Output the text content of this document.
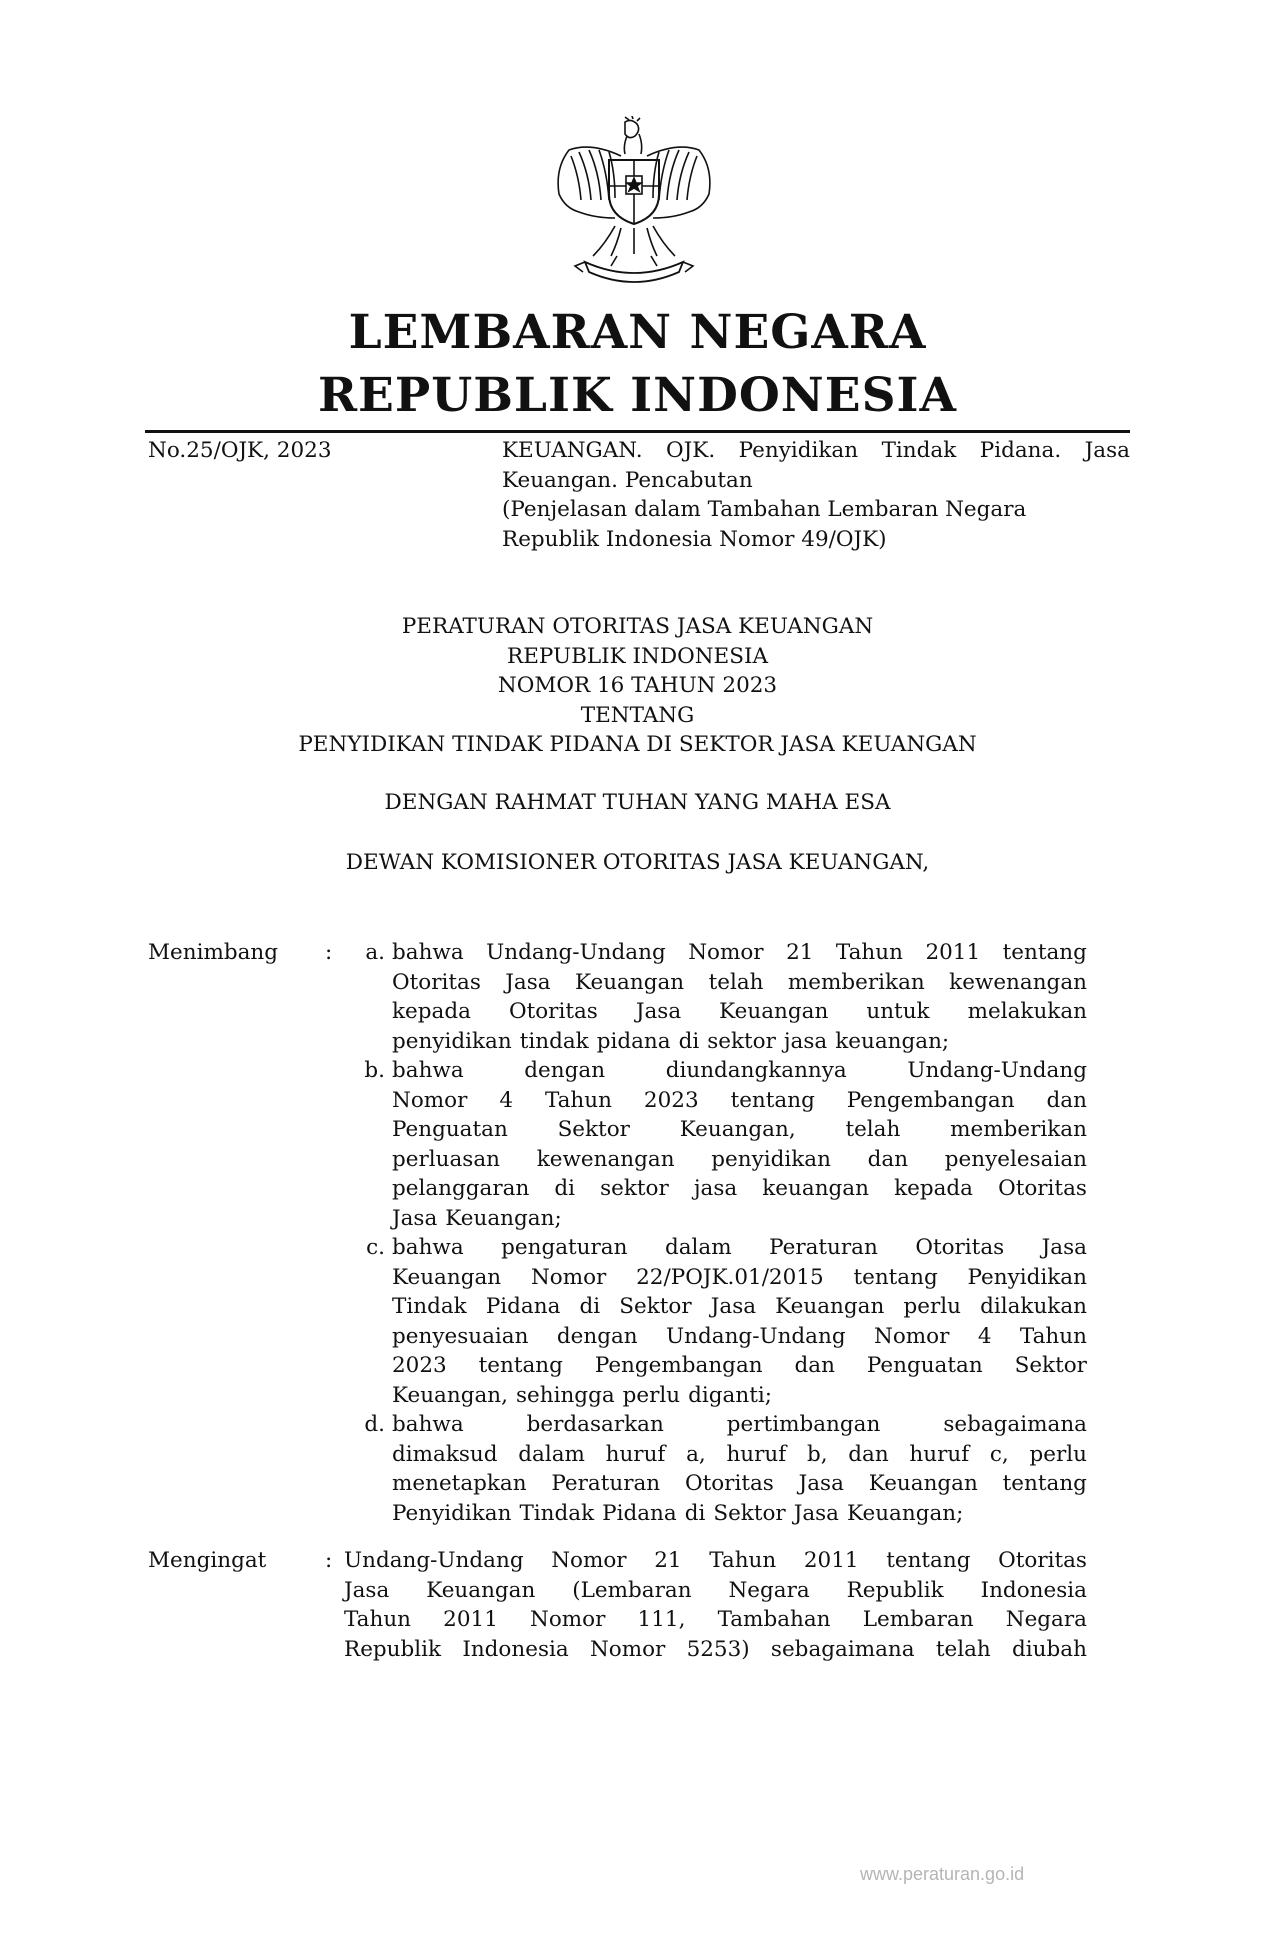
LEMBARAN NEGARA
REPUBLIK INDONESIA
No.25/OJK, 2023	KEUANGAN. OJK. Penyidikan Tindak Pidana. Jasa
Keuangan. Pencabutan
(Penjelasan dalam Tambahan Lembaran Negara
Republik Indonesia Nomor 49/OJK)
PERATURAN OTORITAS JASA KEUANGAN
REPUBLIK INDONESIA
NOMOR 16 TAHUN 2023
TENTANG
PENYIDIKAN TINDAK PIDANA DI SEKTOR JASA KEUANGAN
DENGAN RAHMAT TUHAN YANG MAHA ESA
DEWAN KOMISIONER OTORITAS JASA KEUANGAN,
Menimbang :	a. bahwa Undang-Undang Nomor 21 Tahun 2011 tentang
Otoritas Jasa Keuangan telah memberikan kewenangan
kepada Otoritas Jasa Keuangan untuk melakukan
penyidikan tindak pidana di sektor jasa keuangan;
b. bahwa	dengan	diundangkannya	Undang-Undang
Nomor 4 Tahun 2023 tentang Pengembangan dan
Penguatan Sektor Keuangan, telah memberikan
perluasan kewenangan penyidikan dan penyelesaian
pelanggaran di sektor jasa keuangan kepada Otoritas
Jasa Keuangan;
c. bahwa pengaturan dalam Peraturan Otoritas Jasa
Keuangan Nomor 22/POJK.01/2015 tentang Penyidikan
Tindak Pidana di Sektor Jasa Keuangan perlu dilakukan
penyesuaian dengan Undang-Undang Nomor 4 Tahun
2023 tentang Pengembangan dan Penguatan Sektor
Keuangan, sehingga perlu diganti;
d. bahwa	berdasarkan	pertimbangan	sebagaimana
dimaksud dalam huruf a, huruf b, dan huruf c, perlu
menetapkan Peraturan Otoritas Jasa Keuangan tentang
Penyidikan Tindak Pidana di Sektor Jasa Keuangan;
Mengingat	: Undang-Undang Nomor 21 Tahun 2011 tentang Otoritas
Jasa Keuangan (Lembaran Negara Republik Indonesia
Tahun 2011 Nomor 111, Tambahan Lembaran Negara
Republik Indonesia Nomor 5253) sebagaimana telah diubah
www.peraturan.go.id
